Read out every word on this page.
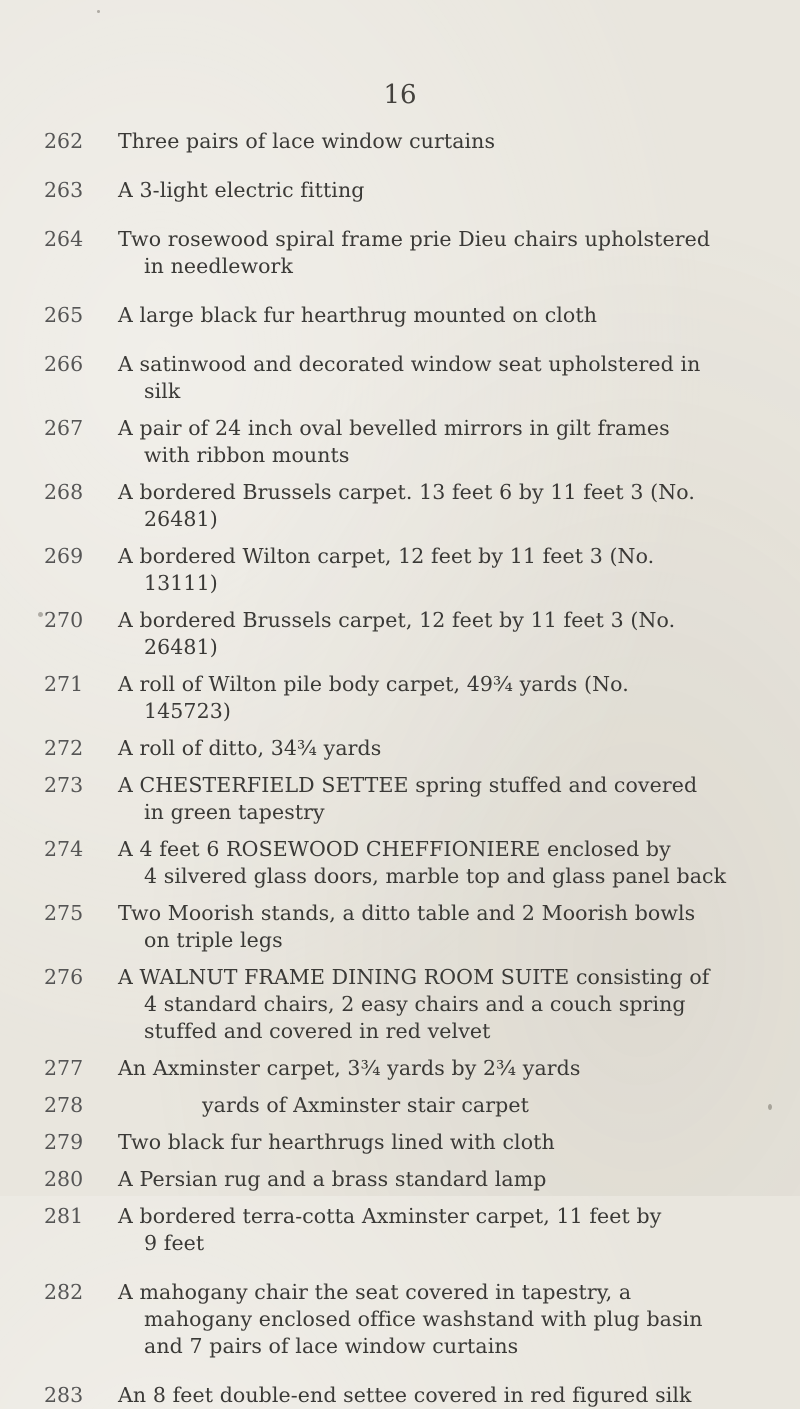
16
262	Three pairs of lace window curtains
263	A 3-light electric fitting
264	Two rosewood spiral frame prie Dieu chairs upholstered
in needlework
265	A large black fur hearthrug mounted on cloth
266	A satinwood and decorated window seat upholstered in
silk
267	A pair of 24 inch oval bevelled mirrors in gilt frames
with ribbon mounts
268	A bordered Brussels carpet. 13 feet 6 by 11 feet 3 (No.
26481)
269	A bordered Wilton carpet, 12 feet by 11 feet 3 (No.
13111)
270	A bordered Brussels carpet, 12 feet by 11 feet 3 (No.
26481)
271	A roll of Wilton pile body carpet, 49¾ yards (No.
145723)
272	A roll of ditto, 34¾ yards
273	A CHESTERFIELD SETTEE spring stuffed and covered
in green tapestry
274	A 4 feet 6 ROSEWOOD CHEFFIONIERE enclosed by
4 silvered glass doors, marble top and glass panel back
275	Two Moorish stands, a ditto table and 2 Moorish bowls
on triple legs
276	A WALNUT FRAME DINING ROOM SUITE consisting of
4 standard chairs, 2 easy chairs and a couch spring
stuffed and covered in red velvet
277	An Axminster carpet, 3¾ yards by 2¾ yards
278	yards of Axminster stair carpet
279	Two black fur hearthrugs lined with cloth
280	A Persian rug and a brass standard lamp
281	A bordered terra-cotta Axminster carpet, 11 feet by
9 feet
282	A mahogany chair the seat covered in tapestry, a
mahogany enclosed office washstand with plug basin
and 7 pairs of lace window curtains
283	An 8 feet double-end settee covered in red figured silk
